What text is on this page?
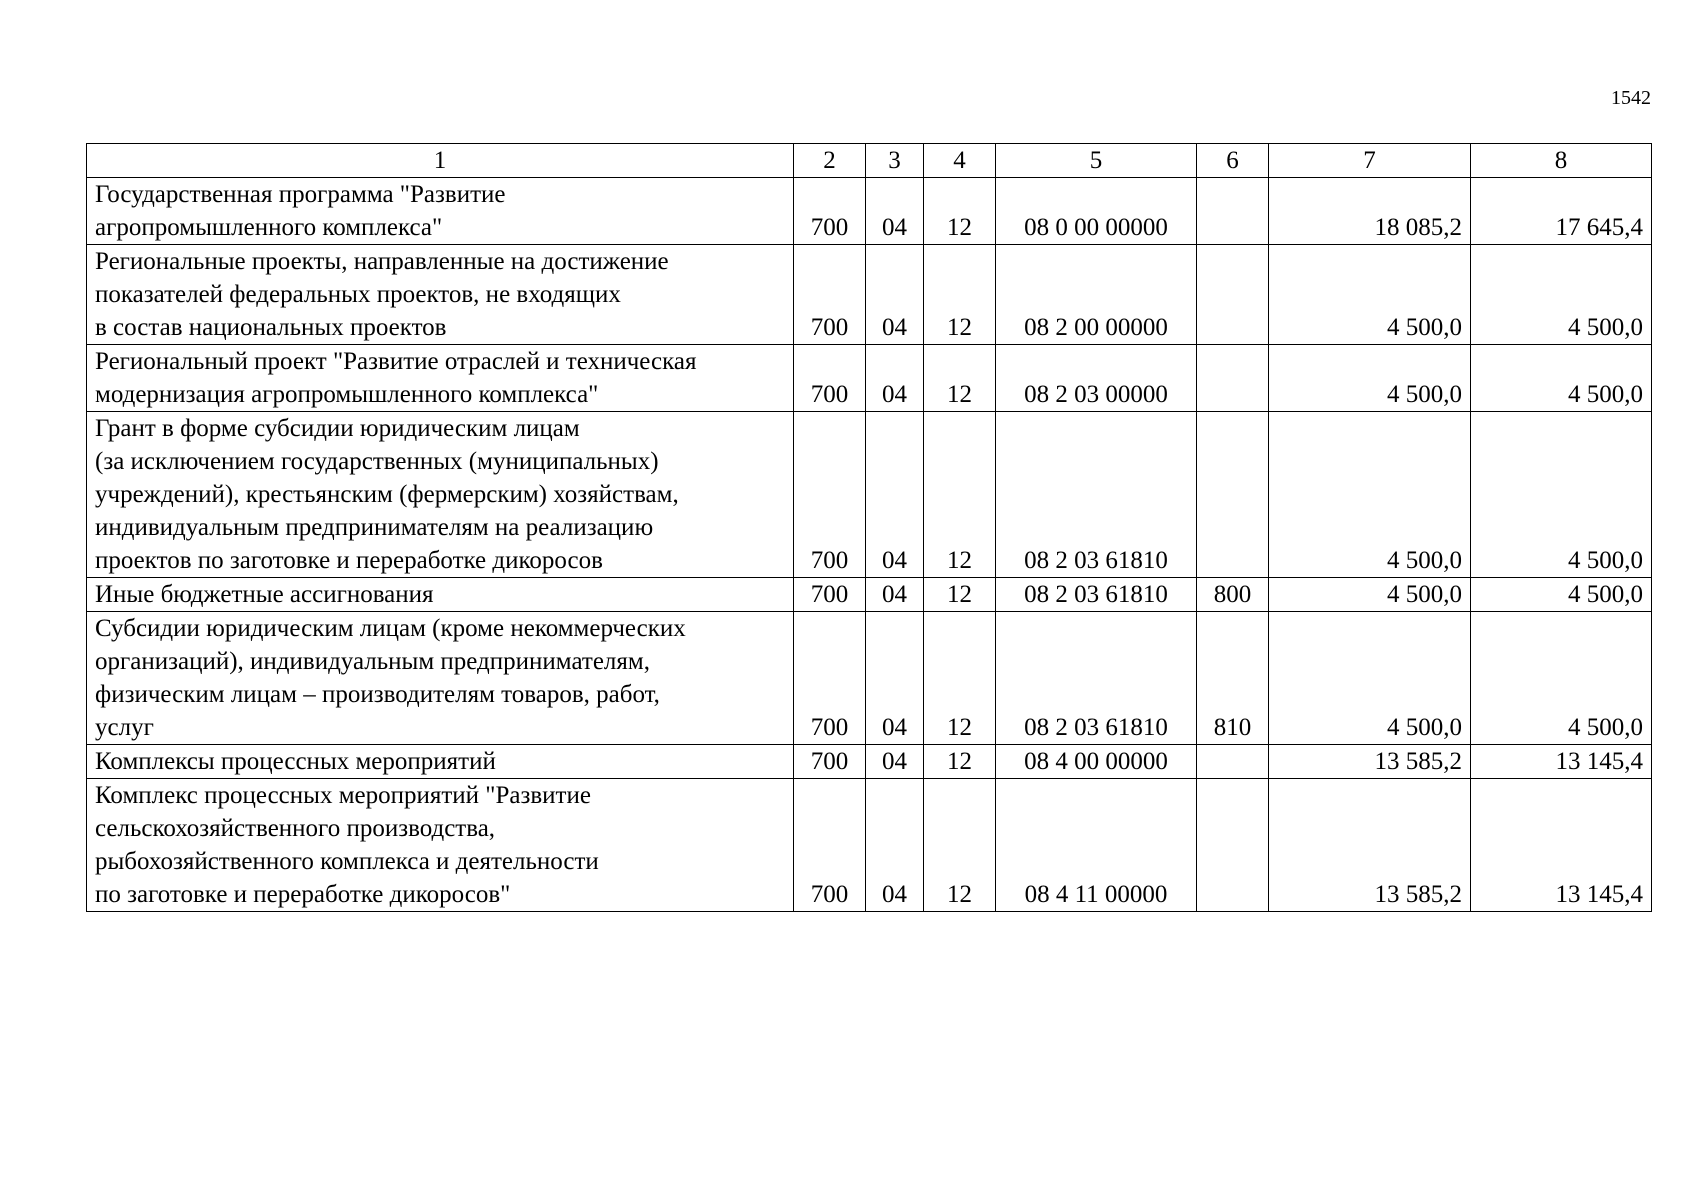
1542
1	2	3	4	5	6	7	8
Государственная программа "Развитие
агропромышленного комплекса"	700	04	12	08 0 00 00000		18 085,2	17 645,4
Региональные проекты, направленные на достижение
показателей федеральных проектов, не входящих
в состав национальных проектов	700	04	12	08 2 00 00000		4 500,0	4 500,0
Региональный проект "Развитие отраслей и техническая
модернизация агропромышленного комплекса"	700	04	12	08 2 03 00000		4 500,0	4 500,0
Грант в форме субсидии юридическим лицам
(за исключением государственных (муниципальных)
учреждений), крестьянским (фермерским) хозяйствам,
индивидуальным предпринимателям на реализацию
проектов по заготовке и переработке дикоросов	700	04	12	08 2 03 61810		4 500,0	4 500,0
Иные бюджетные ассигнования	700	04	12	08 2 03 61810	800	4 500,0	4 500,0
Субсидии юридическим лицам (кроме некоммерческих
организаций), индивидуальным предпринимателям,
физическим лицам – производителям товаров, работ,
услуг	700	04	12	08 2 03 61810	810	4 500,0	4 500,0
Комплексы процессных мероприятий	700	04	12	08 4 00 00000		13 585,2	13 145,4
Комплекс процессных мероприятий "Развитие
сельскохозяйственного производства,
рыбохозяйственного комплекса и деятельности
по заготовке и переработке дикоросов"	700	04	12	08 4 11 00000		13 585,2	13 145,4
